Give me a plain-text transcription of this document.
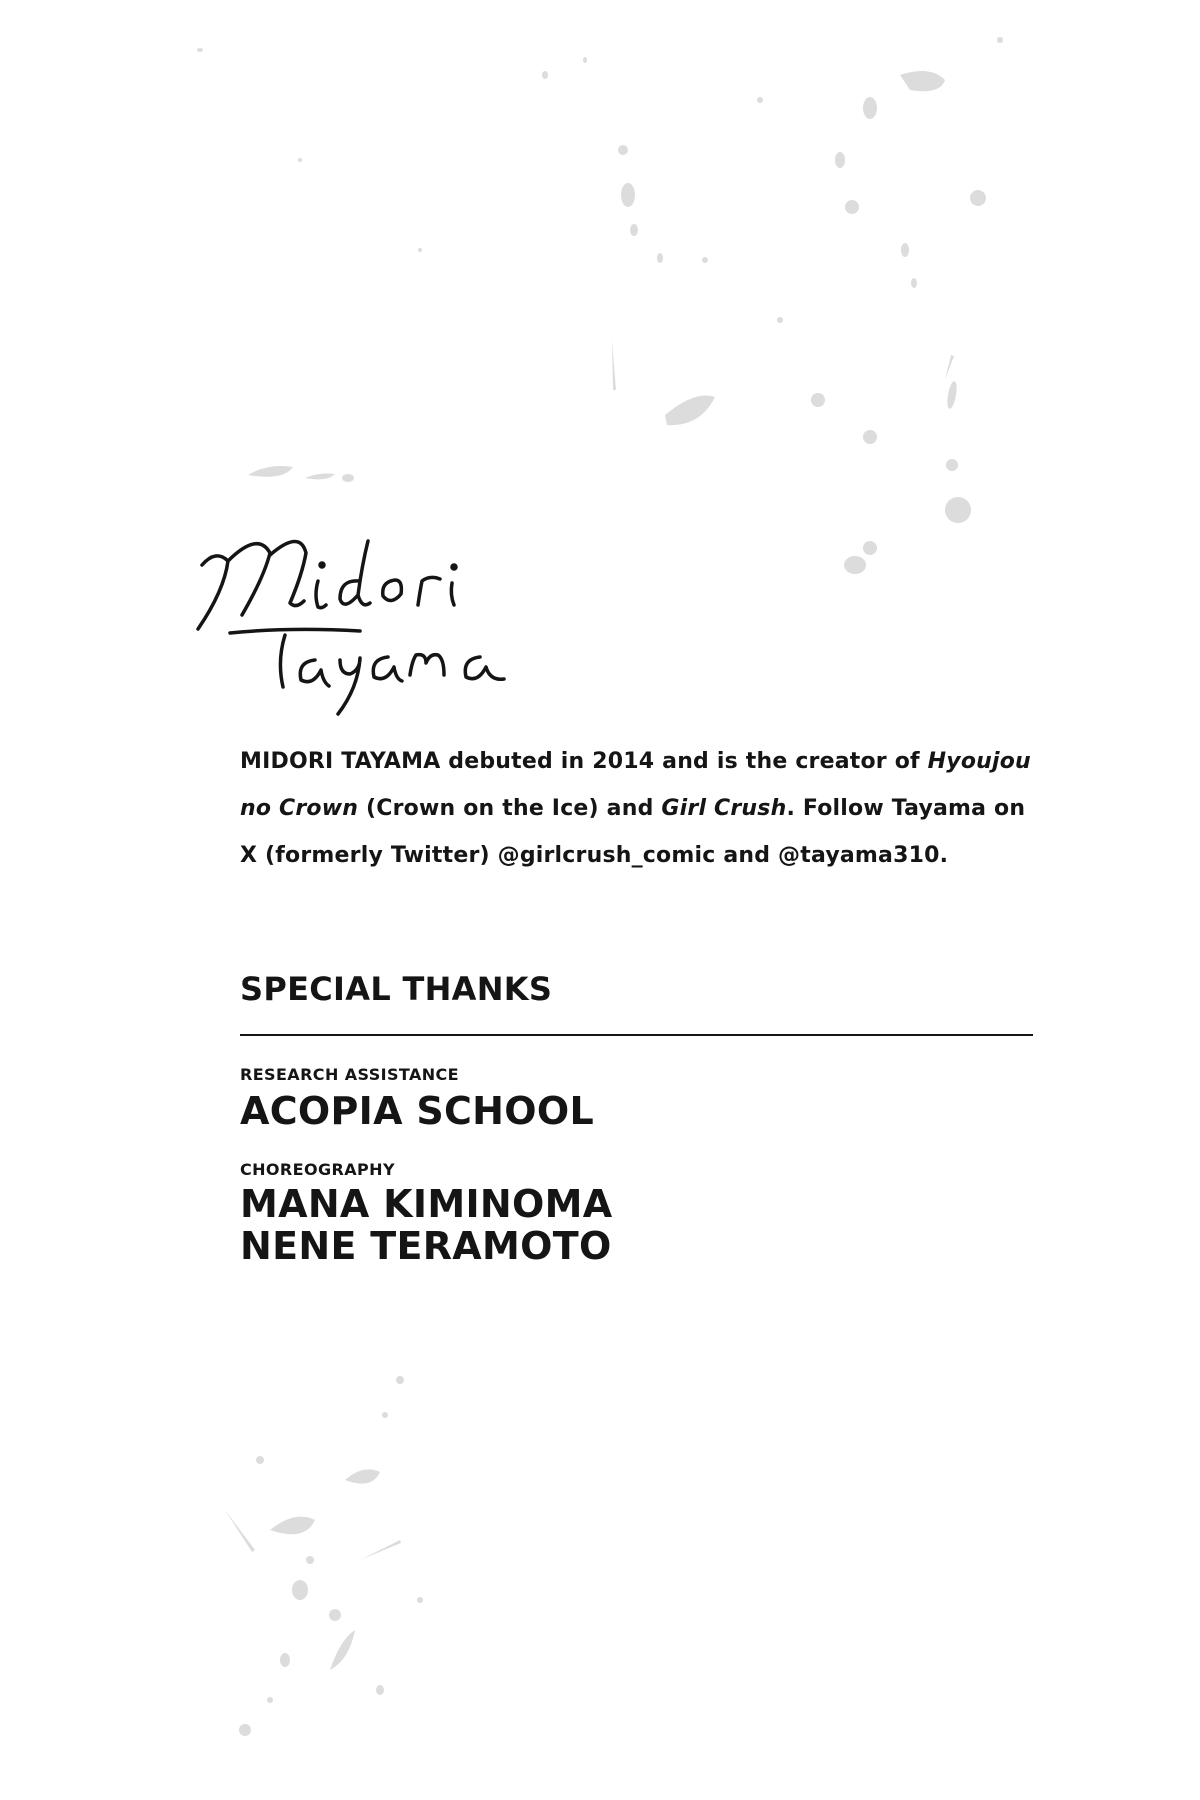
MIDORI TAYAMA debuted in 2014 and is the creator of Hyoujou no Crown (Crown on the Ice) and Girl Crush. Follow Tayama on X (formerly Twitter) @girlcrush_comic and @tayama310.

SPECIAL THANKS

RESEARCH ASSISTANCE

ACOPIA SCHOOL

CHOREOGRAPHY

MANA KIMINOMA

NENE TERAMOTO
